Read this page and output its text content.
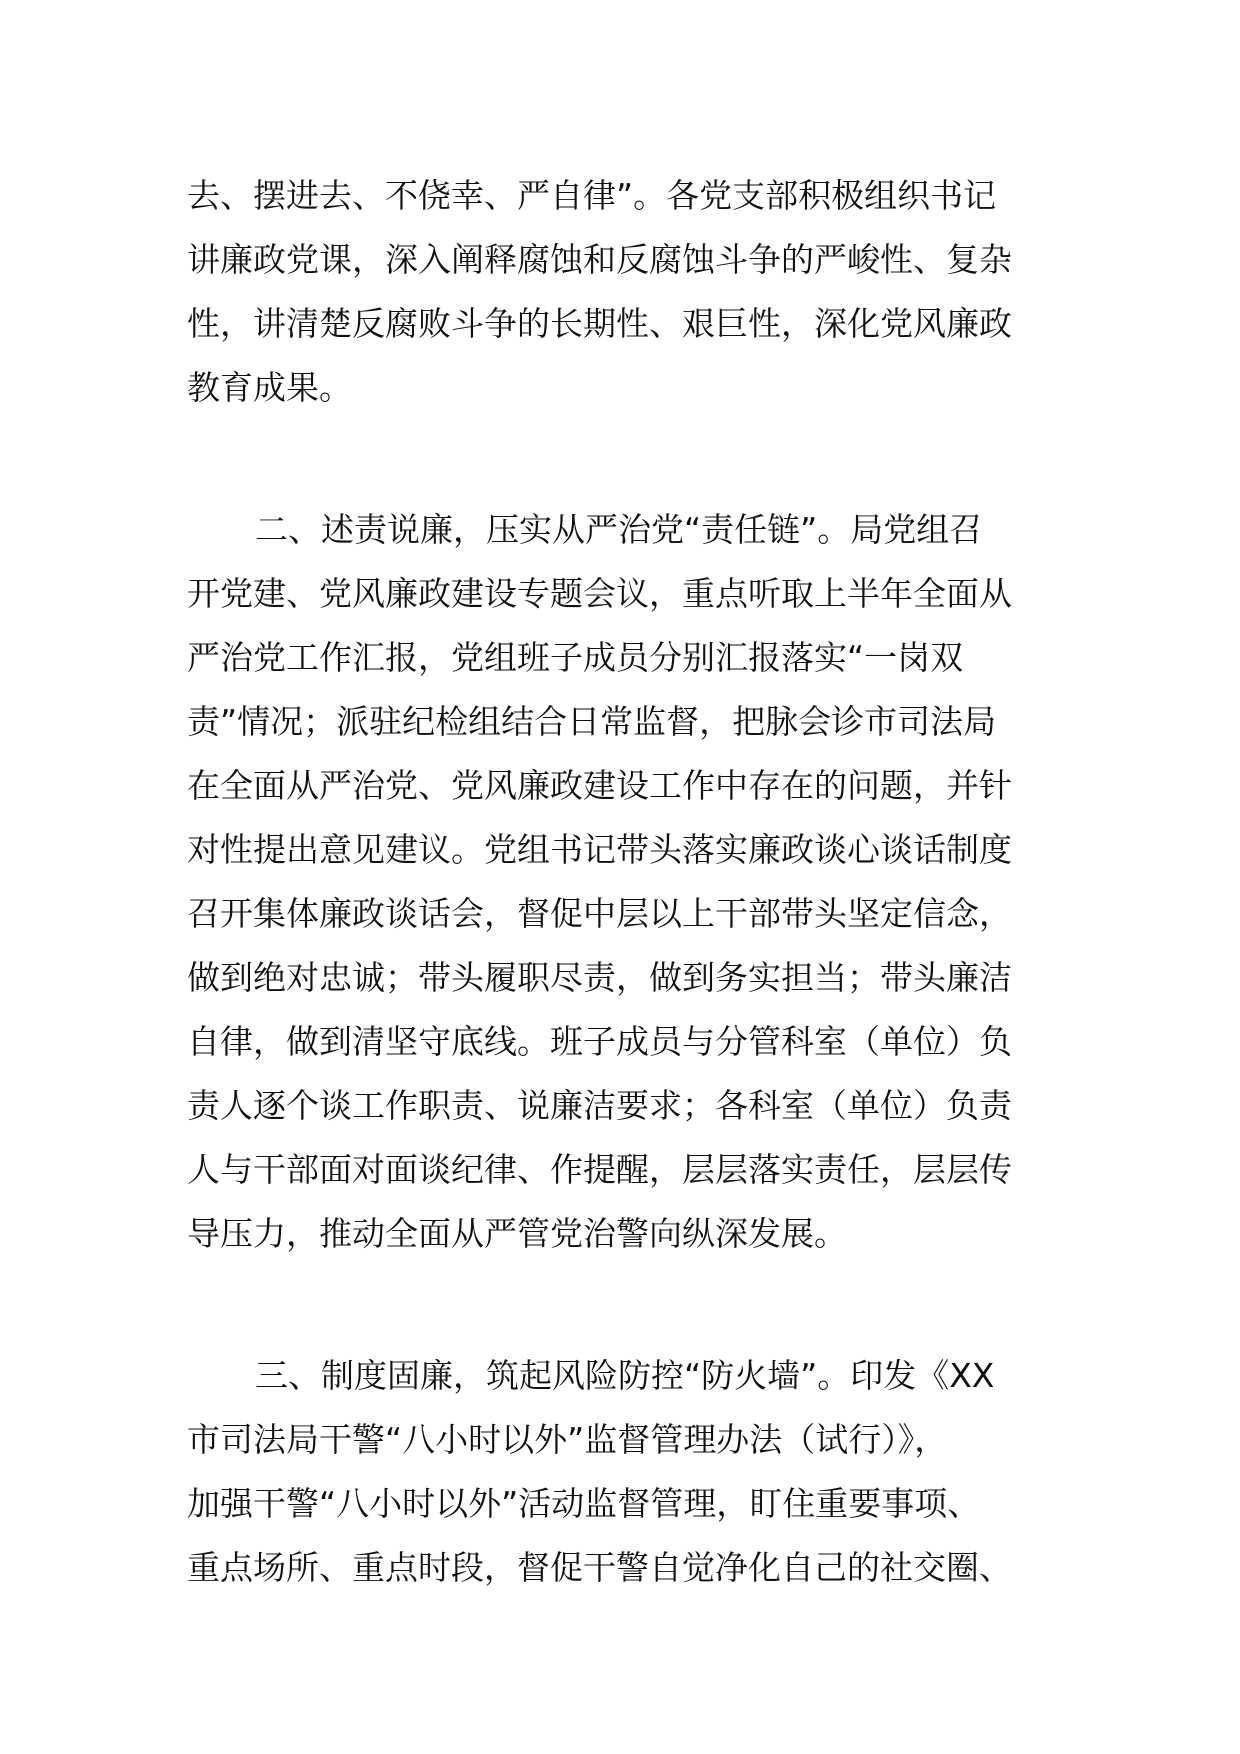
去、摆进去、不侥幸、严自律”。各党支部积极组织书记

讲廉政党课，深入阐释腐蚀和反腐蚀斗争的严峻性、复杂

性，讲清楚反腐败斗争的长期性、艰巨性，深化党风廉政

教育成果。

二、述责说廉，压实从严治党“责任链”。局党组召

开党建、党风廉政建设专题会议，重点听取上半年全面从

严治党工作汇报，党组班子成员分别汇报落实“一岗双

责”情况；派驻纪检组结合日常监督，把脉会诊市司法局

在全面从严治党、党风廉政建设工作中存在的问题，并针

对性提出意见建议。党组书记带头落实廉政谈心谈话制度

召开集体廉政谈话会，督促中层以上干部带头坚定信念，

做到绝对忠诚；带头履职尽责，做到务实担当；带头廉洁

自律，做到清坚守底线。班子成员与分管科室（单位）负

责人逐个谈工作职责、说廉洁要求；各科室（单位）负责

人与干部面对面谈纪律、作提醒，层层落实责任，层层传

导压力，推动全面从严管党治警向纵深发展。

三、制度固廉，筑起风险防控“防火墙”。印发《XX

市司法局干警“八小时以外”监督管理办法（试行）》，

加强干警“八小时以外”活动监督管理，盯住重要事项、

重点场所、重点时段，督促干警自觉净化自己的社交圈、
